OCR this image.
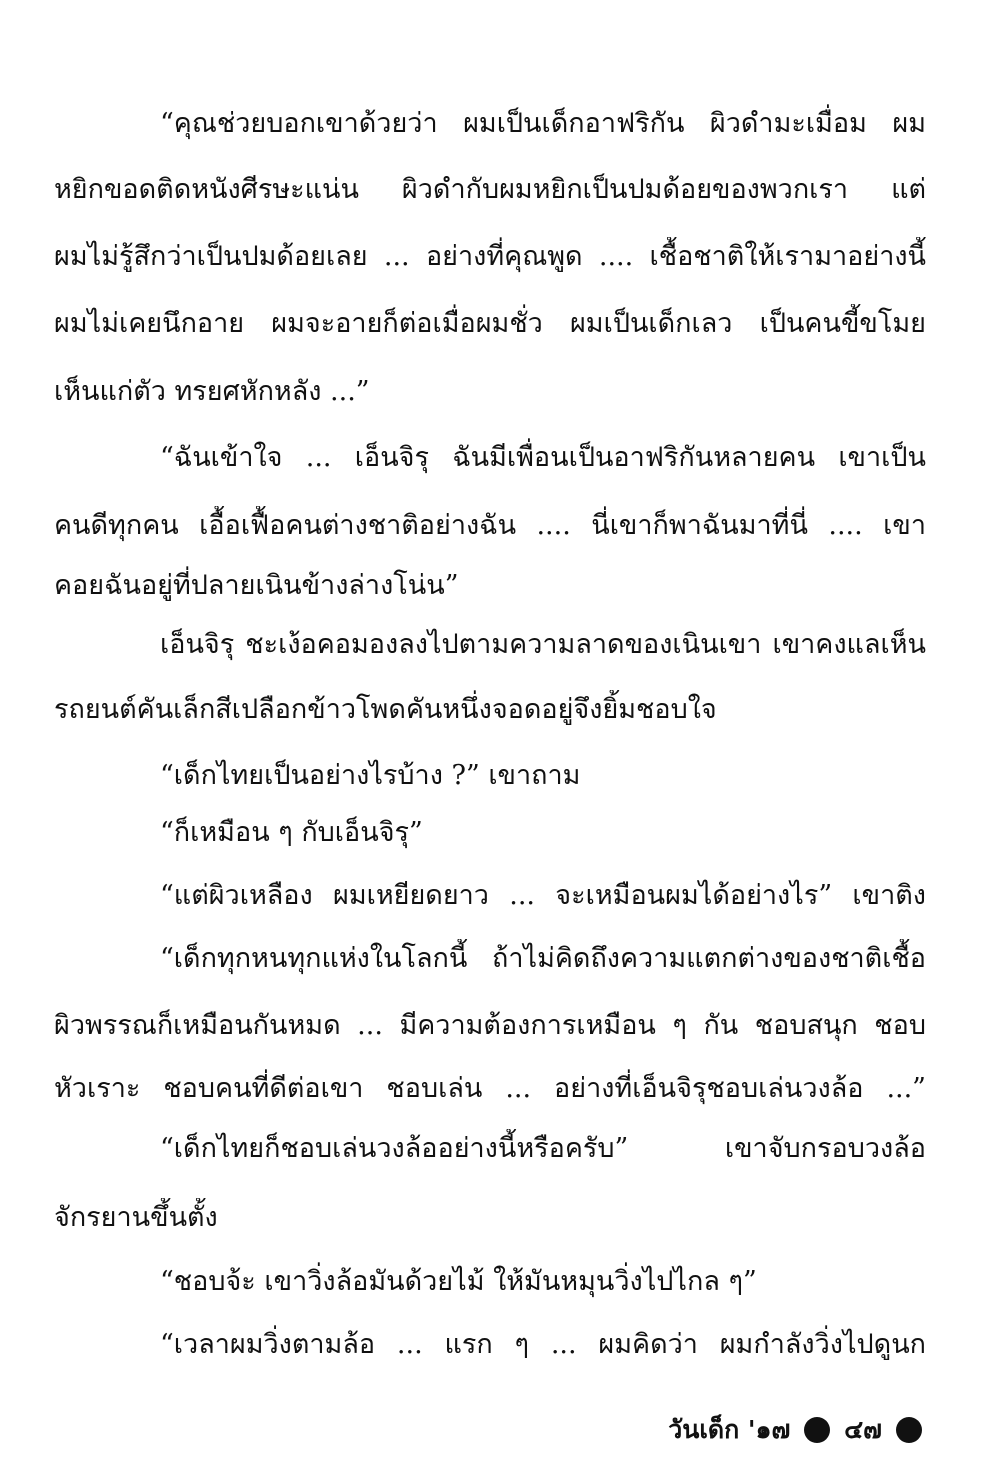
“คุณช่วยบอกเขาด้วยว่า ผมเป็นเด็กอาฟริกัน ผิวดำมะเมื่อม ผม
หยิกขอดติดหนังศีรษะแน่น ผิวดำกับผมหยิกเป็นปมด้อยของพวกเรา แต่
ผมไม่รู้สึกว่าเป็นปมด้อยเลย ... อย่างที่คุณพูด .... เชื้อชาติให้เรามาอย่างนี้
ผมไม่เคยนึกอาย ผมจะอายก็ต่อเมื่อผมชั่ว ผมเป็นเด็กเลว เป็นคนขี้ขโมย
เห็นแก่ตัว ทรยศหักหลัง ...”
“ฉันเข้าใจ ... เอ็นจิรุ ฉันมีเพื่อนเป็นอาฟริกันหลายคน เขาเป็น
คนดีทุกคน เอื้อเฟื้อคนต่างชาติอย่างฉัน .... นี่เขาก็พาฉันมาที่นี่ .... เขา
คอยฉันอยู่ที่ปลายเนินข้างล่างโน่น”
เอ็นจิรุ ชะเง้อคอมองลงไปตามความลาดของเนินเขา เขาคงแลเห็น
รถยนต์คันเล็กสีเปลือกข้าวโพดคันหนึ่งจอดอยู่จึงยิ้มชอบใจ
“เด็กไทยเป็นอย่างไรบ้าง ?” เขาถาม
“ก็เหมือน ๆ กับเอ็นจิรุ”
“แต่ผิวเหลือง ผมเหยียดยาว ... จะเหมือนผมได้อย่างไร” เขาติง
“เด็กทุกหนทุกแห่งในโลกนี้ ถ้าไม่คิดถึงความแตกต่างของชาติเชื้อ
ผิวพรรณก็เหมือนกันหมด ... มีความต้องการเหมือน ๆ กัน ชอบสนุก ชอบ
หัวเราะ ชอบคนที่ดีต่อเขา ชอบเล่น ... อย่างที่เอ็นจิรุชอบเล่นวงล้อ ...”
“เด็กไทยก็ชอบเล่นวงล้ออย่างนี้หรือครับ” เขาจับกรอบวงล้อ
จักรยานขึ้นตั้ง
“ชอบจ้ะ เขาวิ่งล้อมันด้วยไม้ ให้มันหมุนวิ่งไปไกล ๆ”
“เวลาผมวิ่งตามล้อ ... แรก ๆ ... ผมคิดว่า ผมกำลังวิ่งไปดูนก
วันเด็ก '๑๗ ๔๗
